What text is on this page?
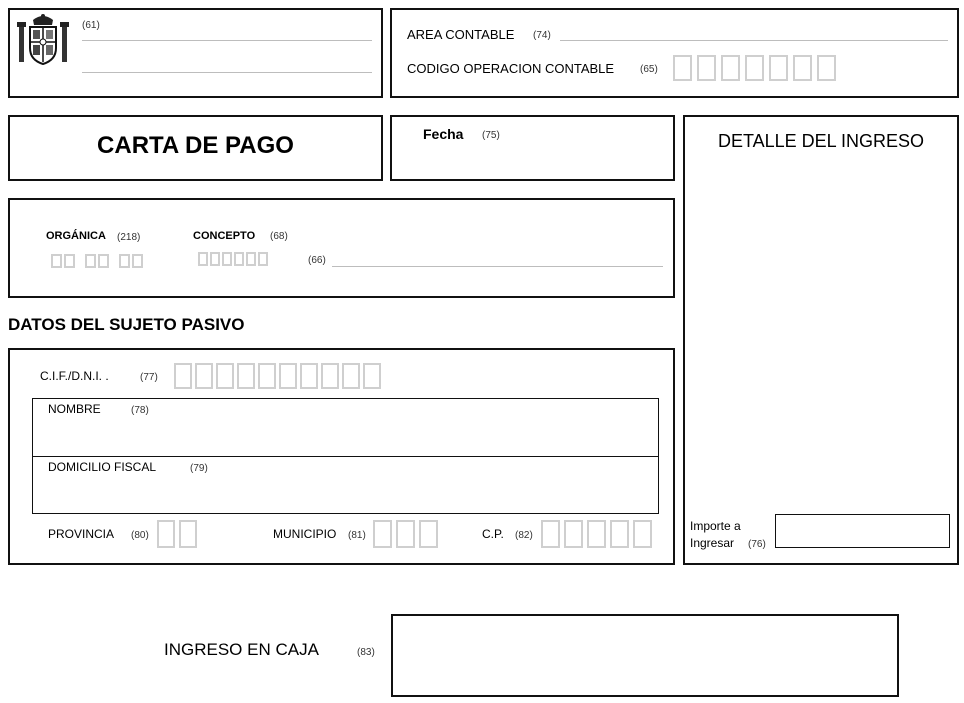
(61)
AREA CONTABLE (74)
CODIGO OPERACION CONTABLE	(65)
CARTA DE PAGO	Fecha (75)	DETALLE DEL INGRESO
Importe a
Ingresar (76)
ORGÁNICA (218)	CONCEPTO (68)
(66)
DATOS DEL SUJETO PASIVO
C.I.F./D.N.I. .	(77)
NOMBRE	(78)
DOMICILIO FISCAL	(79)
PROVINCIA (80)	MUNICIPIO (81)	C.P. (82)
INGRESO EN CAJA	(83)
